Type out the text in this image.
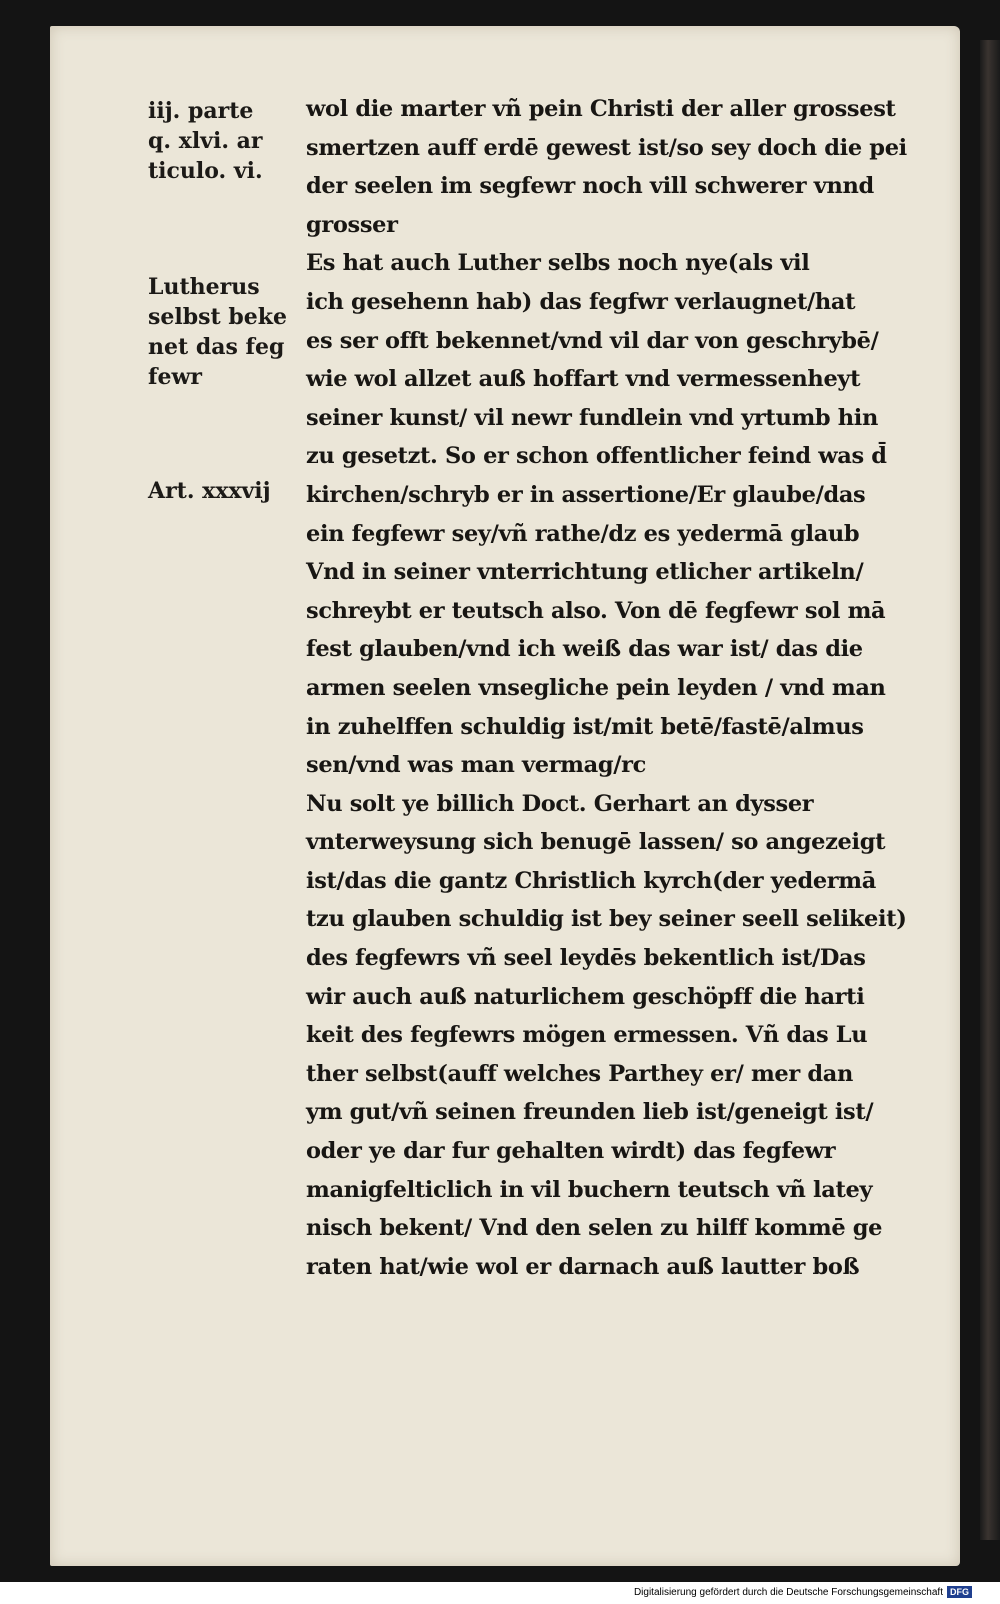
iij. parte
q. xlvi. ar
ticulo. vi.

Lutherus
selbst beke
net das feg
fewr

Art. xxxvij

wol die marter vñ pein Christi der aller grossest
smertzen auff erdē gewest ist/so sey doch die pei
der seelen im segfewr noch vill schwerer vnnd
grosser
Es hat auch Luther selbs noch nye(als vil
ich gesehenn hab) das fegfwr verlaugnet/hat
es ser offt bekennet/vnd vil dar von geschrybē/
wie wol allzet auß hoffart vnd vermessenheyt
seiner kunst/ vil newr fundlein vnd yrtumb hin
zu gesetzt. So er schon offentlicher feind was d̄
kirchen/schryb er in assertione/Er glaube/das
ein fegfewr sey/vñ rathe/dz es yedermā glaub
Vnd in seiner vnterrichtung etlicher artikeln/
schreybt er teutsch also. Von dē fegfewr sol mā
fest glauben/vnd ich weiß das war ist/ das die
armen seelen vnsegliche pein leyden / vnd man
in zuhelffen schuldig ist/mit betē/fastē/almus
sen/vnd was man vermag/rc
Nu solt ye billich Doct. Gerhart an dysser
vnterweysung sich benugē lassen/ so angezeigt
ist/das die gantz Christlich kyrch(der yedermā
tzu glauben schuldig ist bey seiner seell selikeit)
des fegfewrs vñ seel leydēs bekentlich ist/Das
wir auch auß naturlichem geschöpff die harti
keit des fegfewrs mögen ermessen. Vñ das Lu
ther selbst(auff welches Parthey er/ mer dan
ym gut/vñ seinen freunden lieb ist/geneigt ist/
oder ye dar fur gehalten wirdt) das fegfewr
manigfelticlich in vil buchern teutsch vñ latey
nisch bekent/ Vnd den selen zu hilff kommē ge
raten hat/wie wol er darnach auß lautter boß
Digitalisierung gefördert durch die Deutsche Forschungsgemeinschaft DFG
